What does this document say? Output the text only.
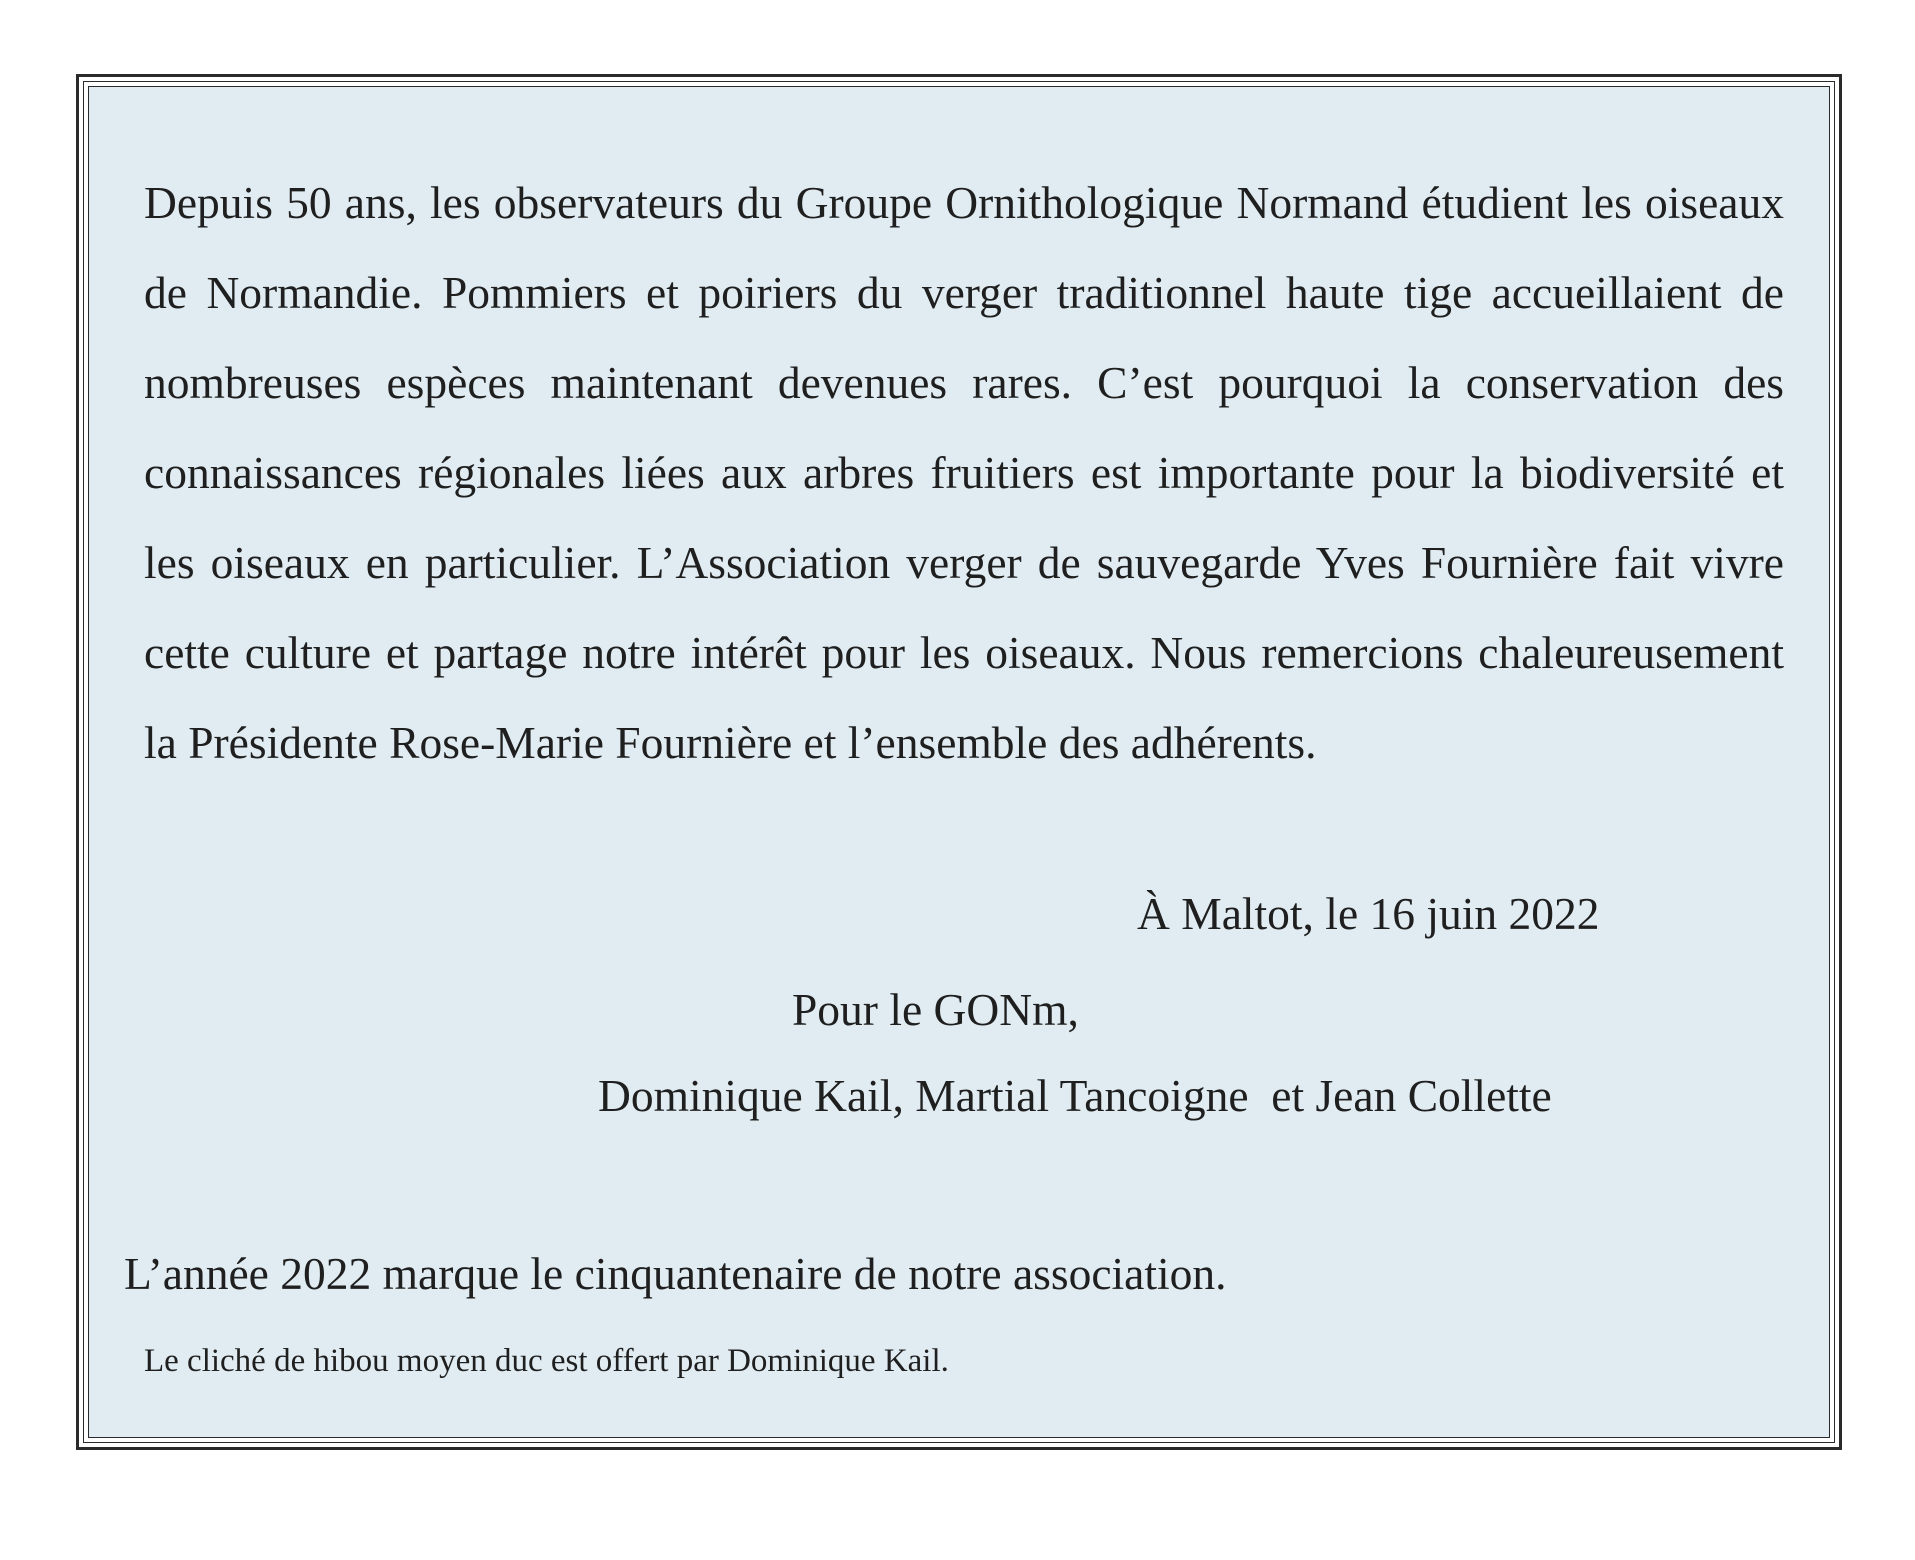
Depuis 50 ans, les observateurs du Groupe Ornithologique Normand étudient les oiseaux de Normandie. Pommiers et poiriers du verger traditionnel haute tige accueillaient de nombreuses espèces maintenant devenues rares. C’est pourquoi la conservation des connaissances régionales liées aux arbres fruitiers est importante pour la biodiversité et les oiseaux en particulier. L’Association verger de sauvegarde Yves Fournière fait vivre cette culture et partage notre intérêt pour les oiseaux. Nous remercions chaleureusement la Présidente Rose-Marie Fournière et l’ensemble des adhérents.

À Maltot, le 16 juin 2022

Pour le GONm,

Dominique Kail, Martial Tancoigne  et Jean Collette

L’année 2022 marque le cinquantenaire de notre association.

Le cliché de hibou moyen duc est offert par Dominique Kail.
